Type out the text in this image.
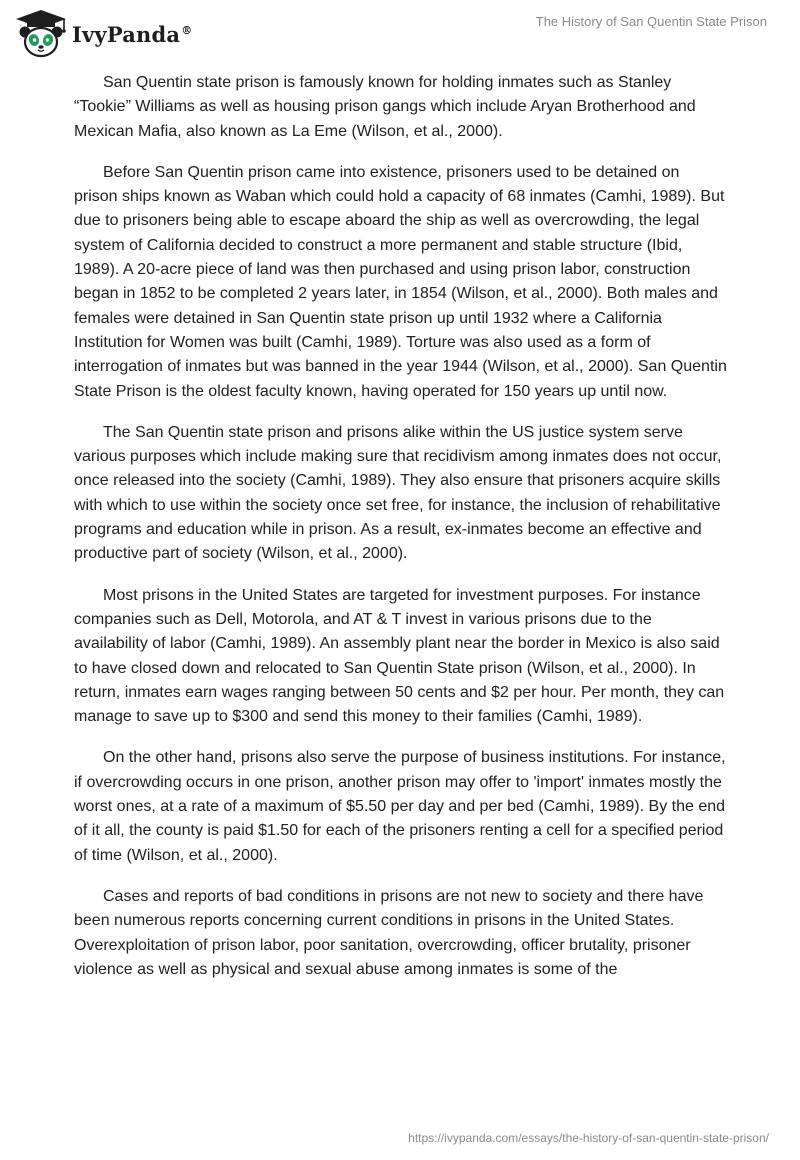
IvyPanda®
The History of San Quentin State Prison

San Quentin state prison is famously known for holding inmates such as Stanley “Tookie” Williams as well as housing prison gangs which include Aryan Brotherhood and Mexican Mafia, also known as La Eme (Wilson, et al., 2000).

Before San Quentin prison came into existence, prisoners used to be detained on prison ships known as Waban which could hold a capacity of 68 inmates (Camhi, 1989). But due to prisoners being able to escape aboard the ship as well as overcrowding, the legal system of California decided to construct a more permanent and stable structure (Ibid, 1989). A 20-acre piece of land was then purchased and using prison labor, construction began in 1852 to be completed 2 years later, in 1854 (Wilson, et al., 2000). Both males and females were detained in San Quentin state prison up until 1932 where a California Institution for Women was built (Camhi, 1989). Torture was also used as a form of interrogation of inmates but was banned in the year 1944 (Wilson, et al., 2000). San Quentin State Prison is the oldest faculty known, having operated for 150 years up until now.

The San Quentin state prison and prisons alike within the US justice system serve various purposes which include making sure that recidivism among inmates does not occur, once released into the society (Camhi, 1989). They also ensure that prisoners acquire skills with which to use within the society once set free, for instance, the inclusion of rehabilitative programs and education while in prison. As a result, ex-inmates become an effective and productive part of society (Wilson, et al., 2000).

Most prisons in the United States are targeted for investment purposes. For instance companies such as Dell, Motorola, and AT & T invest in various prisons due to the availability of labor (Camhi, 1989). An assembly plant near the border in Mexico is also said to have closed down and relocated to San Quentin State prison (Wilson, et al., 2000). In return, inmates earn wages ranging between 50 cents and $2 per hour. Per month, they can manage to save up to $300 and send this money to their families (Camhi, 1989).

On the other hand, prisons also serve the purpose of business institutions. For instance, if overcrowding occurs in one prison, another prison may offer to 'import' inmates mostly the worst ones, at a rate of a maximum of $5.50 per day and per bed (Camhi, 1989). By the end of it all, the county is paid $1.50 for each of the prisoners renting a cell for a specified period of time (Wilson, et al., 2000).

Cases and reports of bad conditions in prisons are not new to society and there have been numerous reports concerning current conditions in prisons in the United States. Overexploitation of prison labor, poor sanitation, overcrowding, officer brutality, prisoner violence as well as physical and sexual abuse among inmates is some of the

https://ivypanda.com/essays/the-history-of-san-quentin-state-prison/
